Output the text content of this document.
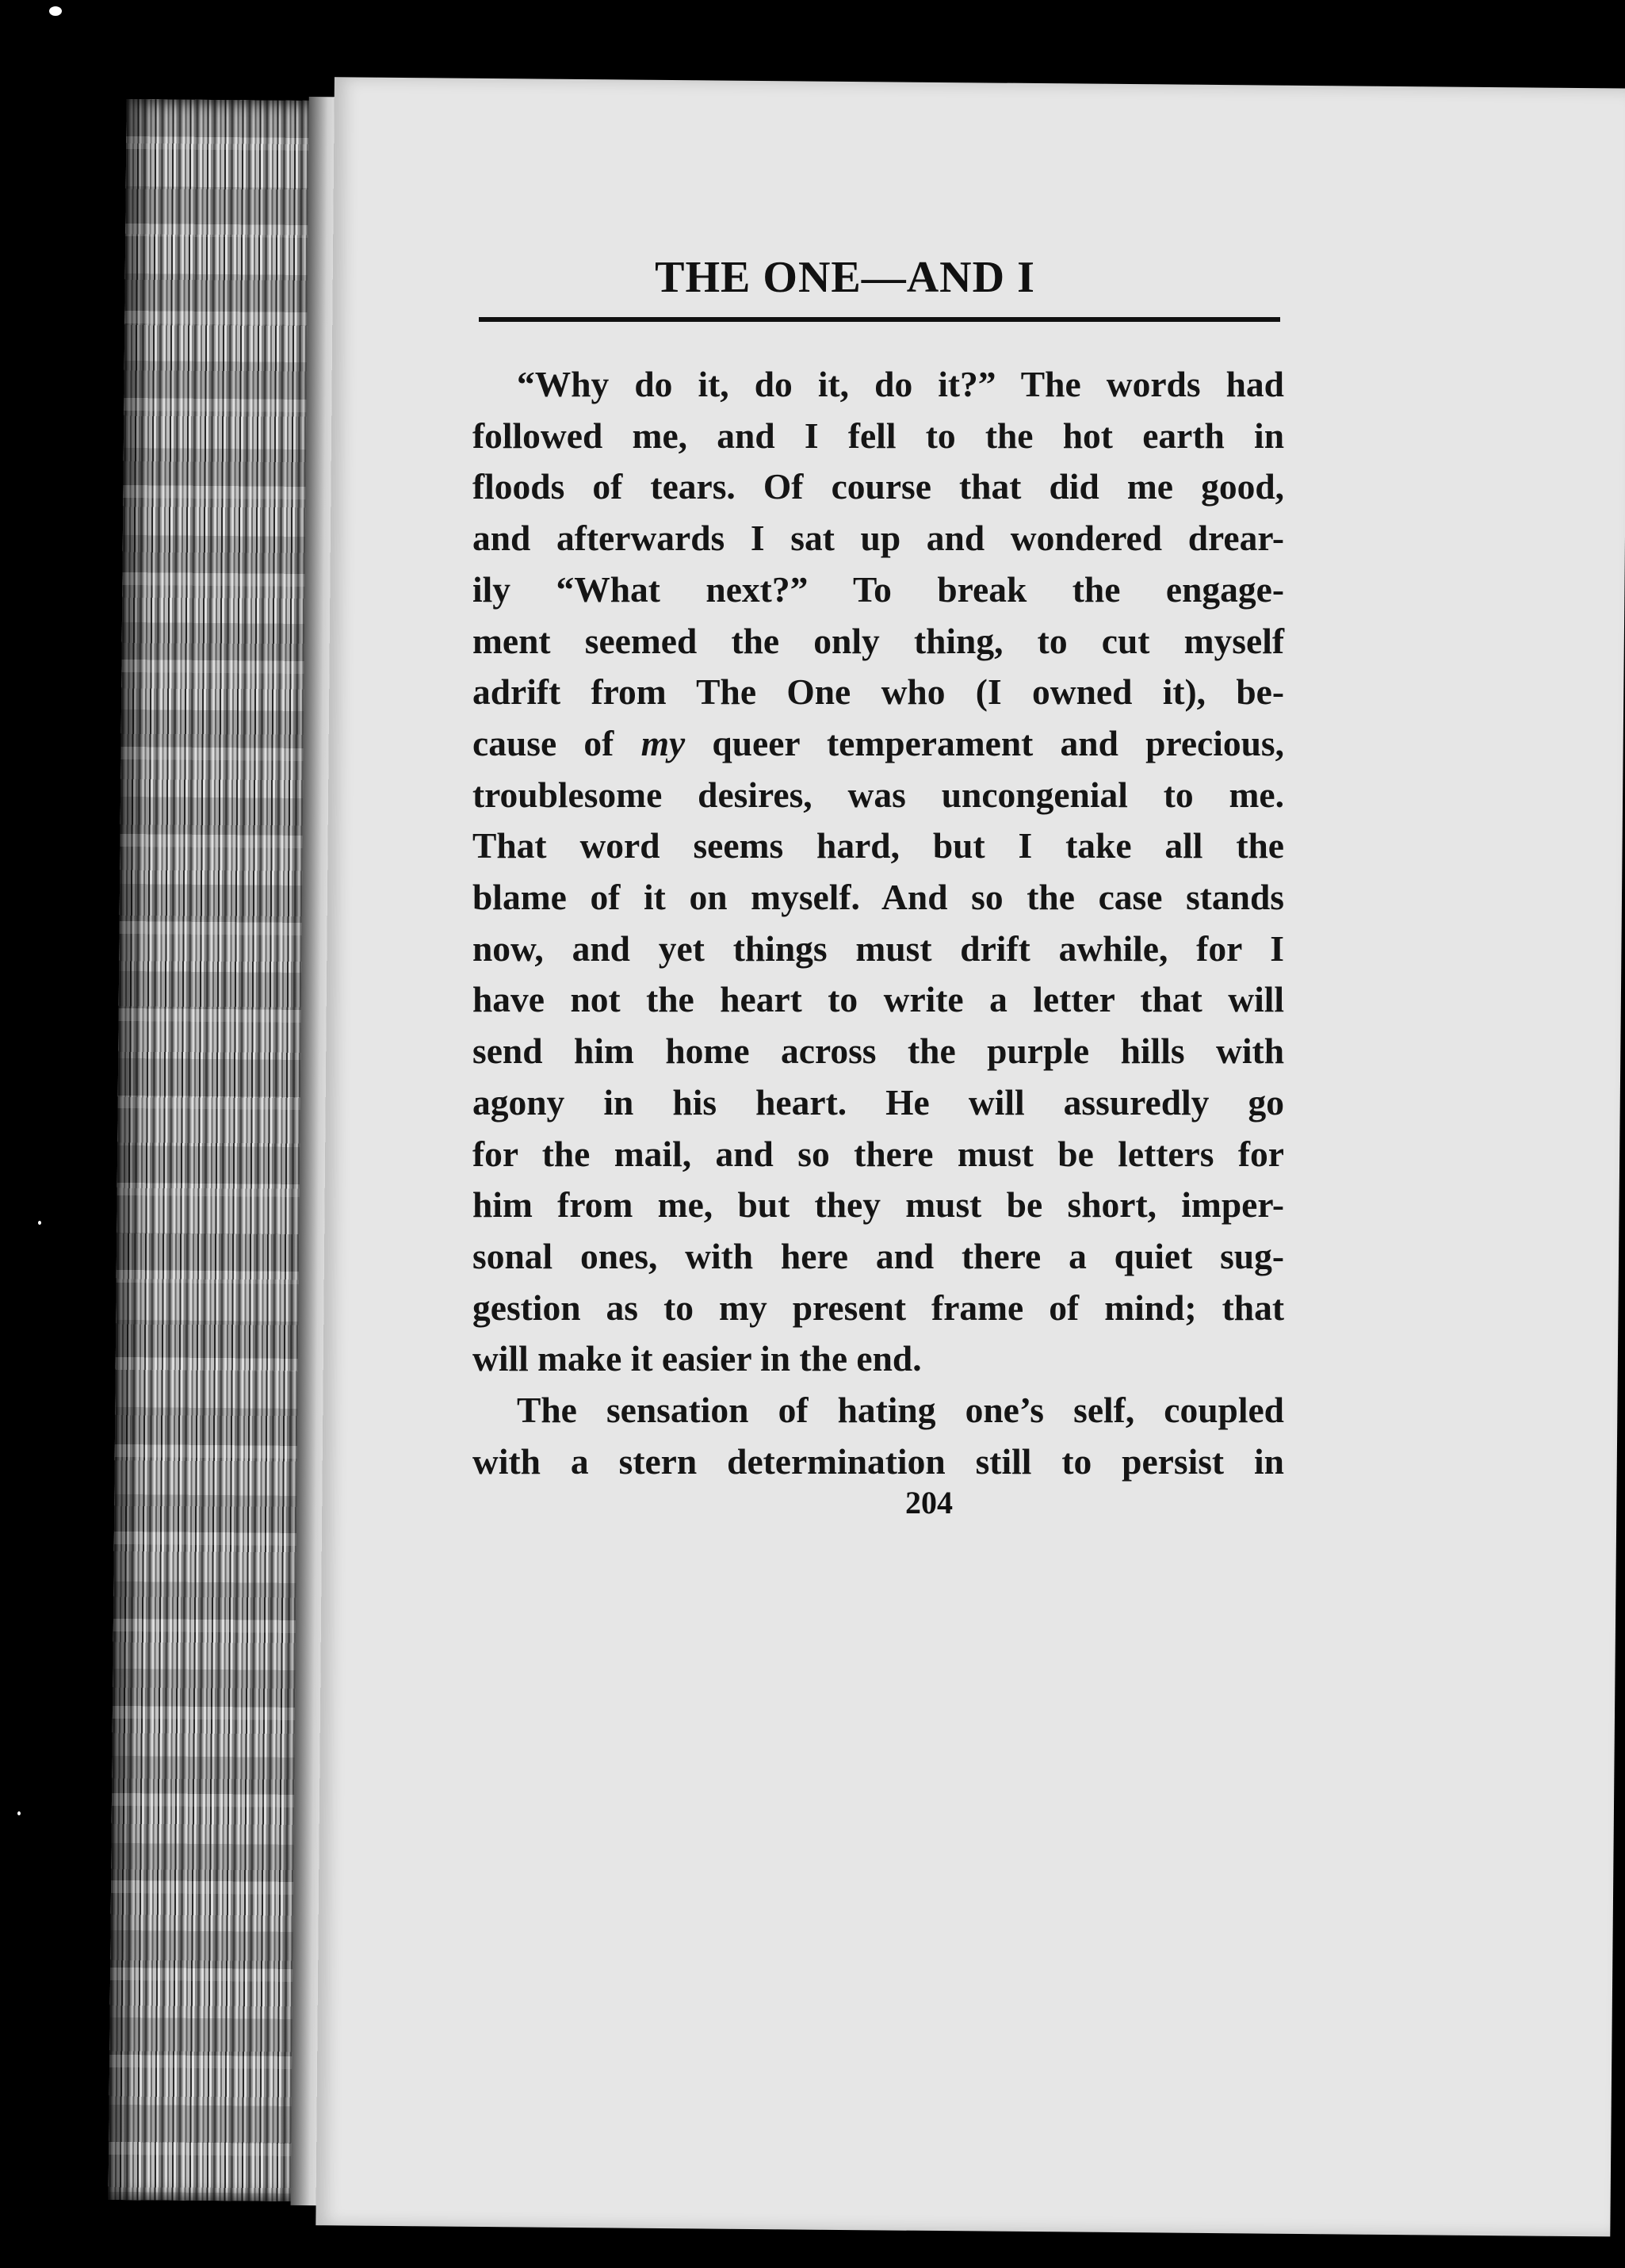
THE ONE—AND I
“Why do it, do it, do it?” The words had
followed me, and I fell to the hot earth in
floods of tears. Of course that did me good,
and afterwards I sat up and wondered drear-
ily “What next?” To break the engage-
ment seemed the only thing, to cut myself
adrift from The One who (I owned it), be-
cause of my queer temperament and precious,
troublesome desires, was uncongenial to me.
That word seems hard, but I take all the
blame of it on myself. And so the case stands
now, and yet things must drift awhile, for I
have not the heart to write a letter that will
send him home across the purple hills with
agony in his heart. He will assuredly go
for the mail, and so there must be letters for
him from me, but they must be short, imper-
sonal ones, with here and there a quiet sug-
gestion as to my present frame of mind; that
will make it easier in the end.
The sensation of hating one’s self, coupled
with a stern determination still to persist in
204
